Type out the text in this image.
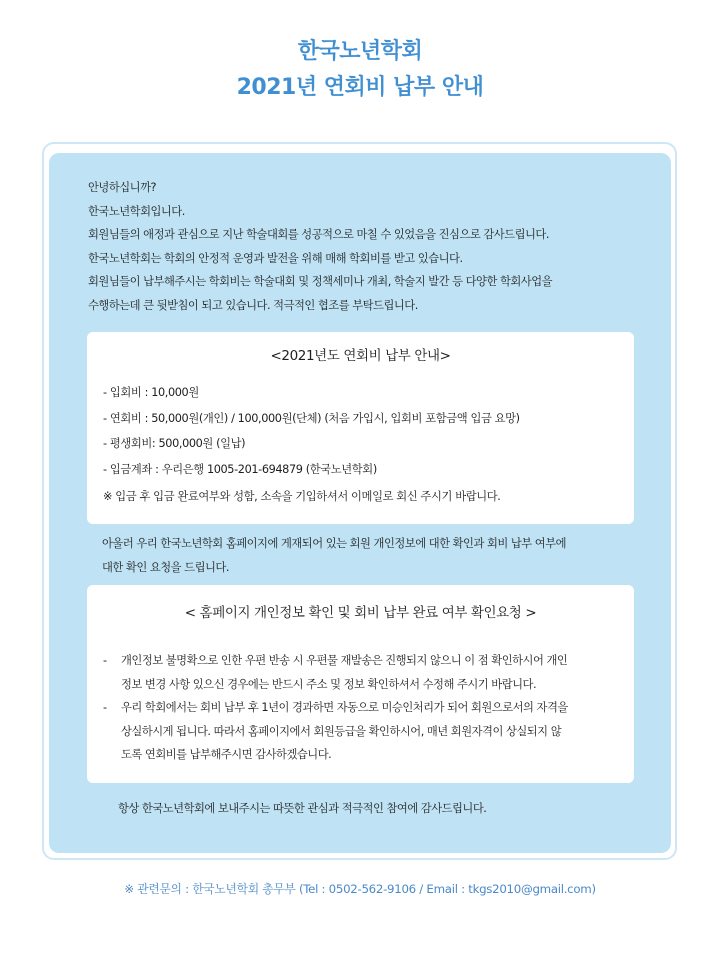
한국노년학회
2021년 연회비 납부 안내

안녕하십니까?

한국노년학회입니다.

회원님들의 애정과 관심으로 지난 학술대회를 성공적으로 마칠 수 있었음을 진심으로 감사드립니다.

한국노년학회는 학회의 안정적 운영과 발전을 위해 매해 학회비를 받고 있습니다.

회원님들이 납부해주시는 학회비는 학술대회 및 정책세미나 개최, 학술지 발간 등 다양한 학회사업을

수행하는데 큰 뒷받침이 되고 있습니다. 적극적인 협조를 부탁드립니다.

<2021년도 연회비 납부 안내>

- 입회비 : 10,000원

- 연회비 : 50,000원(개인) / 100,000원(단체) (처음 가입시, 입회비 포함금액 입금 요망)

- 평생회비: 500,000원 (일납)

- 입금계좌 : 우리은행 1005-201-694879 (한국노년학회)

※ 입금 후 입금 완료여부와 성함, 소속을 기입하셔서 이메일로 회신 주시기 바랍니다.

아울러 우리 한국노년학회 홈페이지에 게재되어 있는 회원 개인정보에 대한 확인과 회비 납부 여부에

대한 확인 요청을 드립니다.

< 홈페이지 개인정보 확인 및 회비 납부 완료 여부 확인요청 >
- 개인정보 불명확으로 인한 우편 반송 시 우편물 재발송은 진행되지 않으니 이 점 확인하시어 개인

정보 변경 사항 있으신 경우에는 반드시 주소 및 정보 확인하셔서 수정해 주시기 바랍니다.

- 우리 학회에서는 회비 납부 후 1년이 경과하면 자동으로 미승인처리가 되어 회원으로서의 자격을

상실하시게 됩니다. 따라서 홈페이지에서 회원등급을 확인하시어, 매년 회원자격이 상실되지 않

도록 연회비를 납부해주시면 감사하겠습니다.

항상 한국노년학회에 보내주시는 따뜻한 관심과 적극적인 참여에 감사드립니다.
※ 관련문의 : 한국노년학회 총무부 (Tel : 0502-562-9106 / Email : tkgs2010@gmail.com)
